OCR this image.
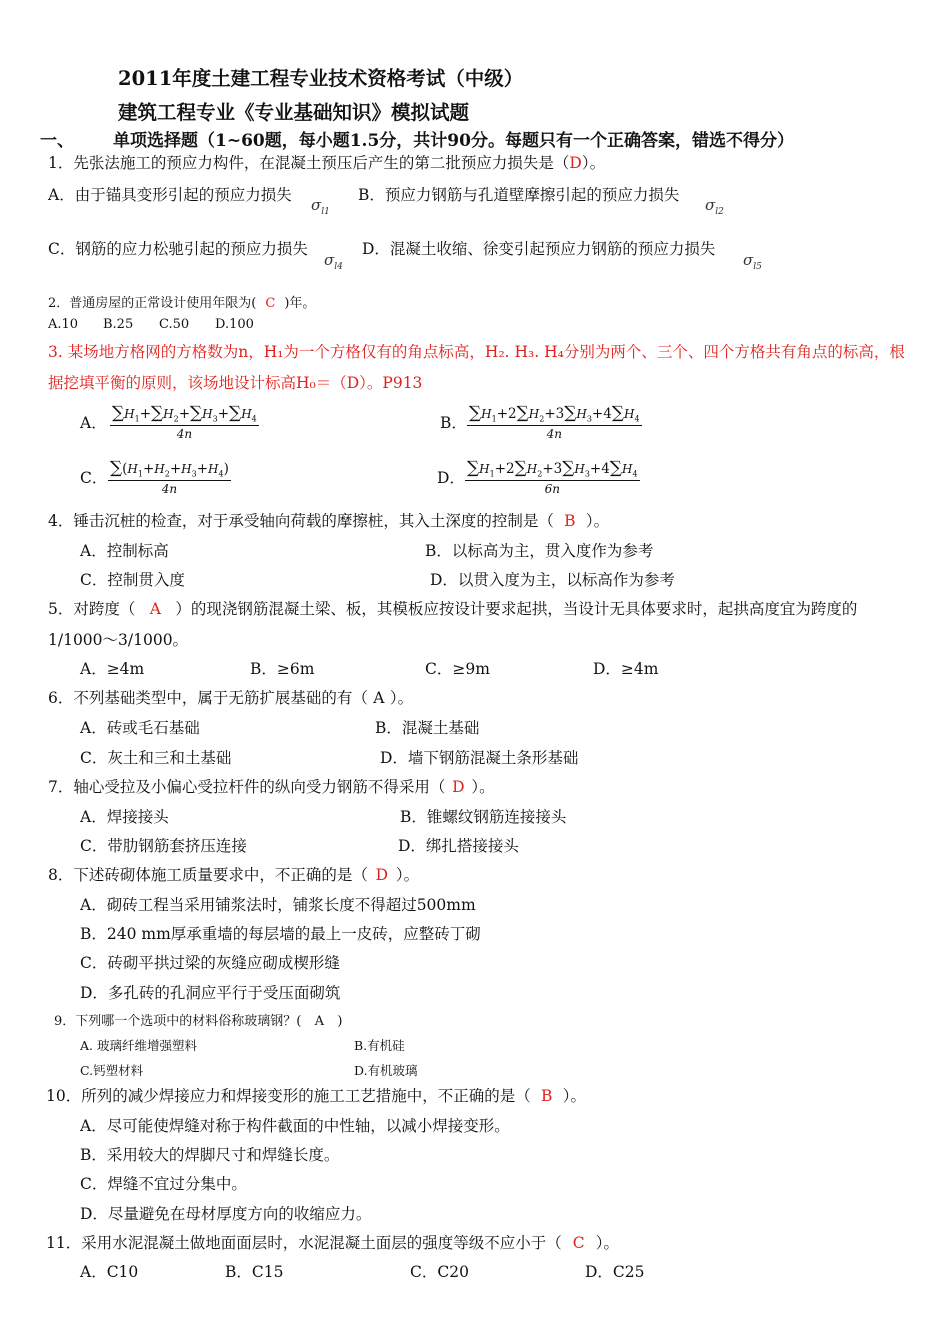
2011年度土建工程专业技术资格考试（中级）
建筑工程专业《专业基础知识》模拟试题
一、 单项选择题（1~60题，每小题1.5分，共计90分。每题只有一个正确答案，错选不得分）
1．先张法施工的预应力构件，在混凝土预压后产生的第二批预应力损失是（D）。
A．由于锚具变形引起的预应力损失
$\sigma_{l1}$
B．预应力钢筋与孔道壁摩擦引起的预应力损失
$\sigma_{l2}$
C．钢筋的应力松驰引起的预应力损失
$\sigma_{l4}$
D．混凝土收缩、徐变引起预应力钢筋的预应力损失
$\sigma_{l5}$
2．普通房屋的正常设计使用年限为( C )年。
A.10 B.25 C.50 D.100
3. 某场地方格网的方格数为n，H₁为一个方格仅有的角点标高，H₂. H₃. H₄分别为两个、三个、四个方格共有角点的标高，根
据挖填平衡的原则，该场地设计标高H₀＝（D）。P913
A． $\frac{\sum H_1+\sum H_2+\sum H_3+\sum H_4}{4n}$	B． $\frac{\sum H_1+2\sum H_2+3\sum H_3+4\sum H_4}{4n}$
C． $\frac{\sum(H_1+H_2+H_3+H_4)}{4n}$	D． $\frac{\sum H_1+2\sum H_2+3\sum H_3+4\sum H_4}{6n}$
4．锤击沉桩的检查，对于承受轴向荷载的摩擦桩，其入土深度的控制是（ B ）。
A．控制标高	B．以标高为主，贯入度作为参考
C．控制贯入度	D．以贯入度为主，以标高作为参考
5．对跨度（ A ）的现浇钢筋混凝土梁、板，其模板应按设计要求起拱，当设计无具体要求时，起拱高度宜为跨度的
1/1000～3/1000。
A．≥4m	B．≥6m	C．≥9m	D．≥4m
6．不列基础类型中，属于无筋扩展基础的有（ A ）。
A．砖或毛石基础	B．混凝土基础
C．灰土和三和土基础	D．墙下钢筋混凝土条形基础
7．轴心受拉及小偏心受拉杆件的纵向受力钢筋不得采用（ D ）。
A．焊接接头	B．锥螺纹钢筋连接接头
C．带肋钢筋套挤压连接	D．绑扎搭接接头
8．下述砖砌体施工质量要求中，不正确的是（ D ）。
A．砌砖工程当采用铺浆法时，铺浆长度不得超过500mm
B．240 mm厚承重墙的每层墙的最上一皮砖，应整砖丁砌
C．砖砌平拱过梁的灰缝应砌成楔形缝
D．多孔砖的孔洞应平行于受压面砌筑
9．下列哪一个选项中的材料俗称玻璃钢？( A )
A. 玻璃纤维增强塑料	B.有机硅
C.钙塑材料	D.有机玻璃
10．所列的减少焊接应力和焊接变形的施工工艺措施中，不正确的是（ B ）。
A．尽可能使焊缝对称于构件截面的中性轴，以减小焊接变形。
B．采用较大的焊脚尺寸和焊缝长度。
C．焊缝不宜过分集中。
D．尽量避免在母材厚度方向的收缩应力。
11．采用水泥混凝土做地面面层时，水泥混凝土面层的强度等级不应小于（ C ）。
A．C10	B．C15	C．C20	D．C25
